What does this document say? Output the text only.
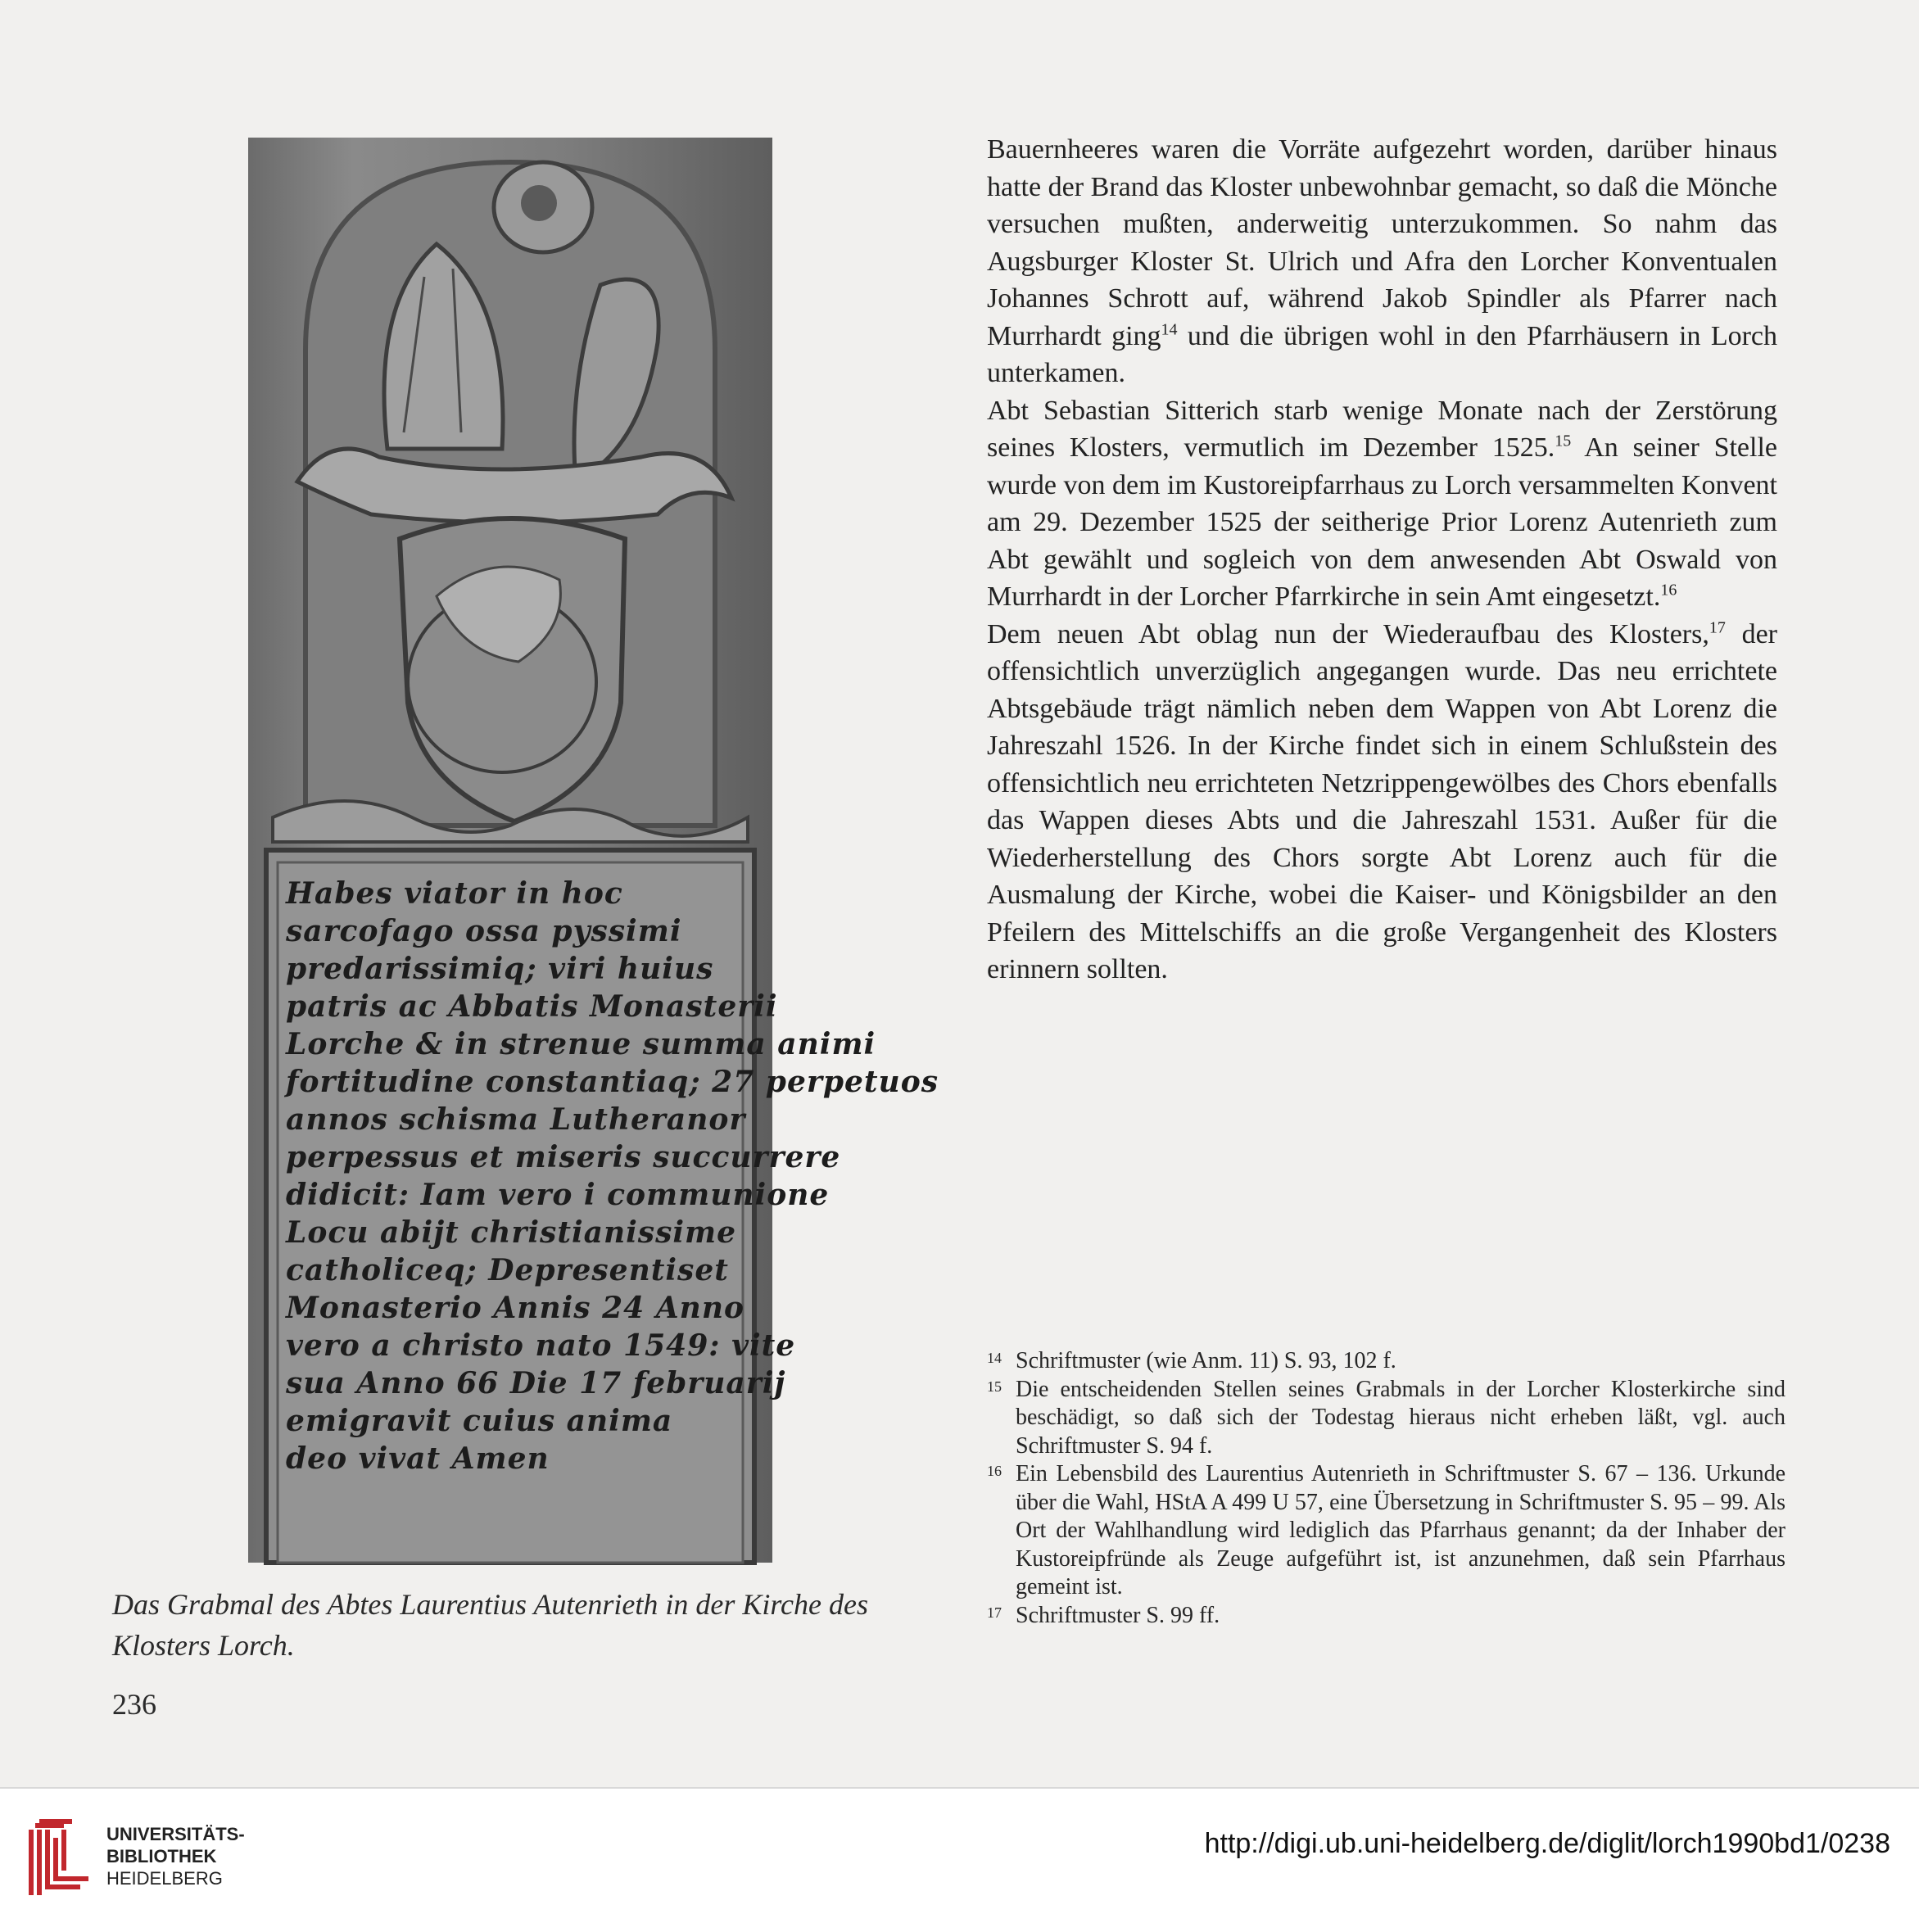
Habes viator in hoc
sarcofago ossa pyssimi
predarissimiq; viri huius
patris ac Abbatis Monasterii
Lorche & in strenue summa animi
fortitudine constantiaq; 27 perpetuos
annos schisma Lutheranor
perpessus et miseris
didicit: Iam vero i communione
Locu abijt christianissime
catholiceq; Depresentiset
Monasterio Annis 24 Anno
vero a christo nato 1549: vite
sua Anno 66 Die 17 februarij
emigravit cuius anima
deo vivat Amen
Das Grabmal des Abtes Laurentius Autenrieth in der Kirche des Klosters Lorch.
236

Bauernheeres waren die Vorräte aufgezehrt worden, darüber hinaus hatte der Brand das Kloster unbewohnbar gemacht, so daß die Mönche versuchen mußten, anderweitig unterzukommen. So nahm das Augsburger Kloster St. Ulrich und Afra den Lorcher Konventualen Johannes Schrott auf, während Jakob Spindler als Pfarrer nach Murrhardt ging$^{14}$ und die übrigen wohl in den Pfarrhäusern in Lorch unterkamen.

Abt Sebastian Sitterich starb wenige Monate nach der Zerstörung seines Klosters, vermutlich im Dezember 1525.15 An seiner Stelle wurde von dem im Kustoreipfarrhaus zu Lorch versammelten Konvent am 29. Dezember 1525 der seitherige Prior Lorenz Autenrieth zum Abt gewählt und sogleich von dem anwesenden Abt Oswald von Murrhardt in der Lorcher Pfarrkirche in sein Amt eingesetzt.$^{16}$

Dem neuen Abt oblag nun der Wiederaufbau des Klosters,$^{17}$ der offensichtlich unverzüglich angegangen wurde. Das neu errichtete Abtsgebäude trägt nämlich neben dem Wappen von Abt Lorenz die Jahreszahl 1526. In der Kirche findet sich in einem Schlußstein des offensichtlich neu errichteten Netzrippengewölbes des Chors ebenfalls das Wappen dieses Abts und die Jahreszahl 1531. Außer für die Wiederherstellung des Chors sorgte Abt Lorenz auch für die Ausmalung der Kirche, wobei die Kaiser- und Königsbilder an den Pfeilern des Mittelschiffs an die große Vergangenheit des Klosters erinnern sollten.

14 Schriftmuster (wie Anm. 11) S. 93, 102 f.
15 Die entscheidenden Stellen seines Grabmals in der Lorcher Klosterkirche sind beschädigt, so daß sich der Todestag hieraus nicht erheben läßt, vgl. auch Schriftmuster S. 94 f.
16 Ein Lebensbild des Laurentius Autenrieth in Schriftmuster S. 67 – 136. Urkunde über die Wahl, HStA A 499 U 57, eine Übersetzung in Schriftmuster S. 95 – 99. Als Ort der Wahlhandlung wird lediglich das Pfarrhaus genannt; da der Inhaber der Kustoreipfründe als Zeuge aufgeführt ist, ist anzunehmen, daß sein Pfarrhaus gemeint ist.
17 Schriftmuster S. 99 ff.
UNIVERSITÄTS-
BIBLIOTHEK
HEIDELBERG
http://digi.ub.uni-heidelberg.de/diglit/lorch1990bd1/0238
